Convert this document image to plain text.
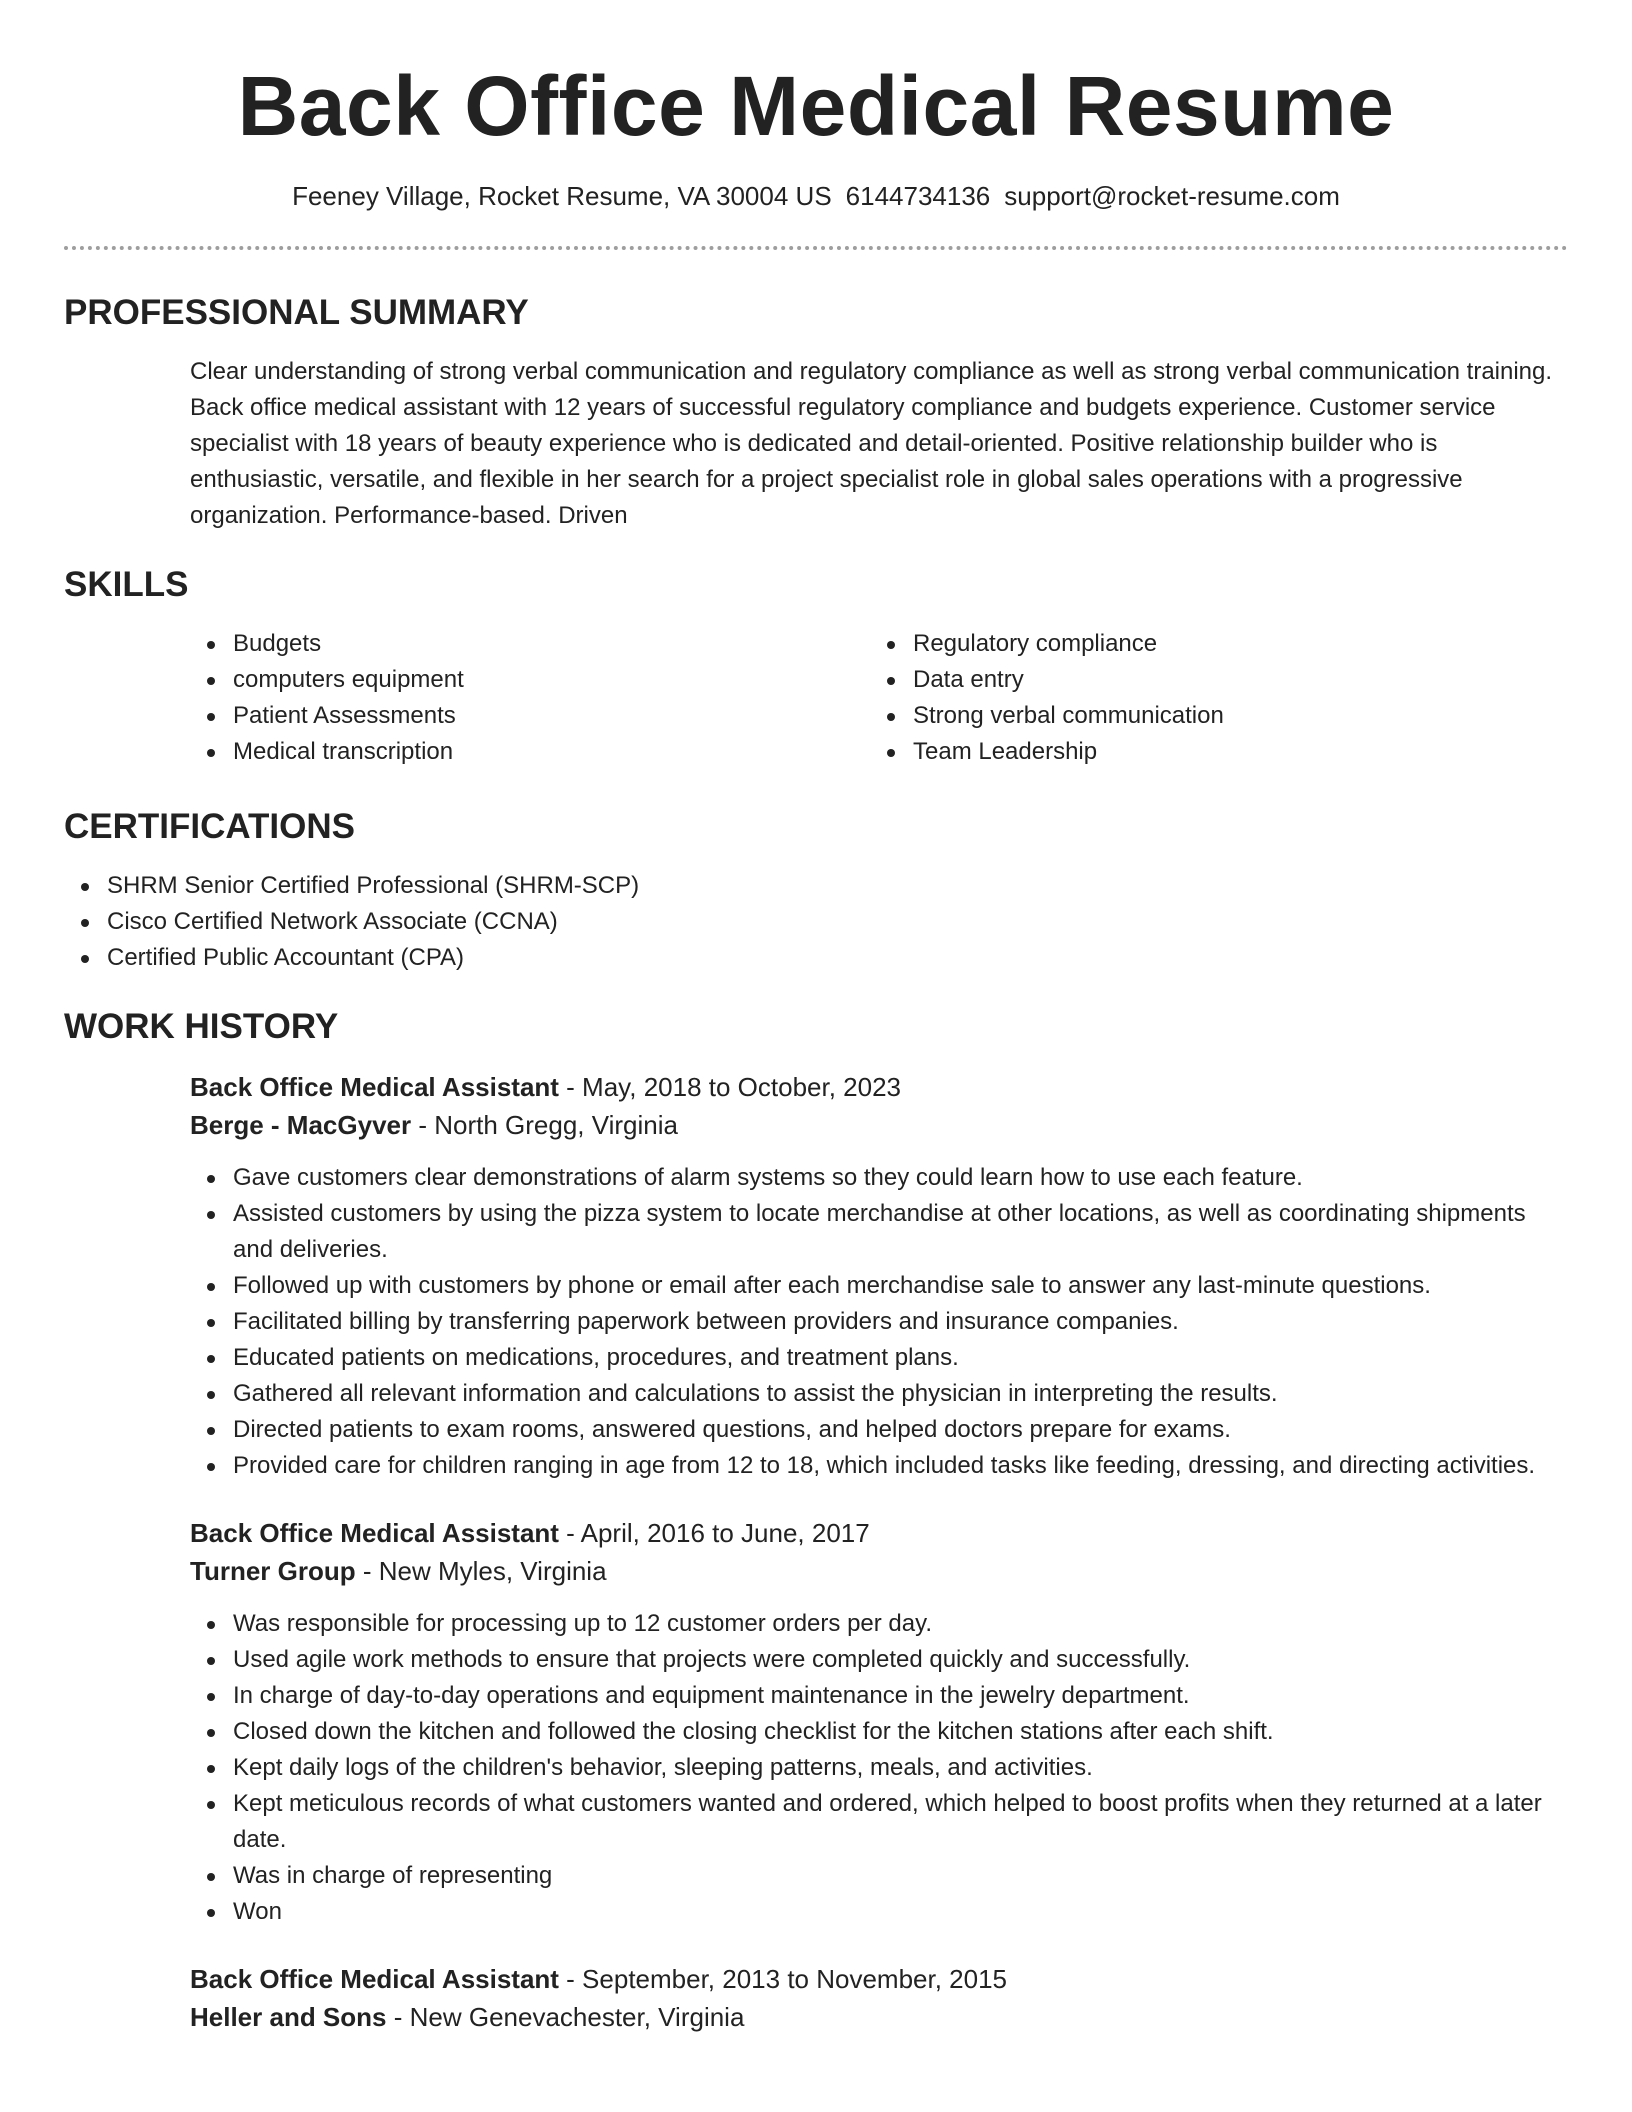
Back Office Medical Resume
Feeney Village, Rocket Resume, VA 30004 US 6144734136 support@rocket-resume.com
PROFESSIONAL SUMMARY
Clear understanding of strong verbal communication and regulatory compliance as well as strong verbal communication training. Back office medical assistant with 12 years of successful regulatory compliance and budgets experience. Customer service specialist with 18 years of beauty experience who is dedicated and detail-oriented. Positive relationship builder who is enthusiastic, versatile, and flexible in her search for a project specialist role in global sales operations with a progressive organization. Performance-based. Driven
SKILLS
Budgets
computers equipment
Patient Assessments
Medical transcription
Regulatory compliance
Data entry
Strong verbal communication
Team Leadership
CERTIFICATIONS
SHRM Senior Certified Professional (SHRM-SCP)
Cisco Certified Network Associate (CCNA)
Certified Public Accountant (CPA)
WORK HISTORY
Back Office Medical Assistant - May, 2018 to October, 2023
Berge - MacGyver - North Gregg, Virginia
Gave customers clear demonstrations of alarm systems so they could learn how to use each feature.
Assisted customers by using the pizza system to locate merchandise at other locations, as well as coordinating shipments and deliveries.
Followed up with customers by phone or email after each merchandise sale to answer any last-minute questions.
Facilitated billing by transferring paperwork between providers and insurance companies.
Educated patients on medications, procedures, and treatment plans.
Gathered all relevant information and calculations to assist the physician in interpreting the results.
Directed patients to exam rooms, answered questions, and helped doctors prepare for exams.
Provided care for children ranging in age from 12 to 18, which included tasks like feeding, dressing, and directing activities.
Back Office Medical Assistant - April, 2016 to June, 2017
Turner Group - New Myles, Virginia
Was responsible for processing up to 12 customer orders per day.
Used agile work methods to ensure that projects were completed quickly and successfully.
In charge of day-to-day operations and equipment maintenance in the jewelry department.
Closed down the kitchen and followed the closing checklist for the kitchen stations after each shift.
Kept daily logs of the children's behavior, sleeping patterns, meals, and activities.
Kept meticulous records of what customers wanted and ordered, which helped to boost profits when they returned at a later date.
Was in charge of representing
Won
Back Office Medical Assistant - September, 2013 to November, 2015
Heller and Sons - New Genevachester, Virginia
